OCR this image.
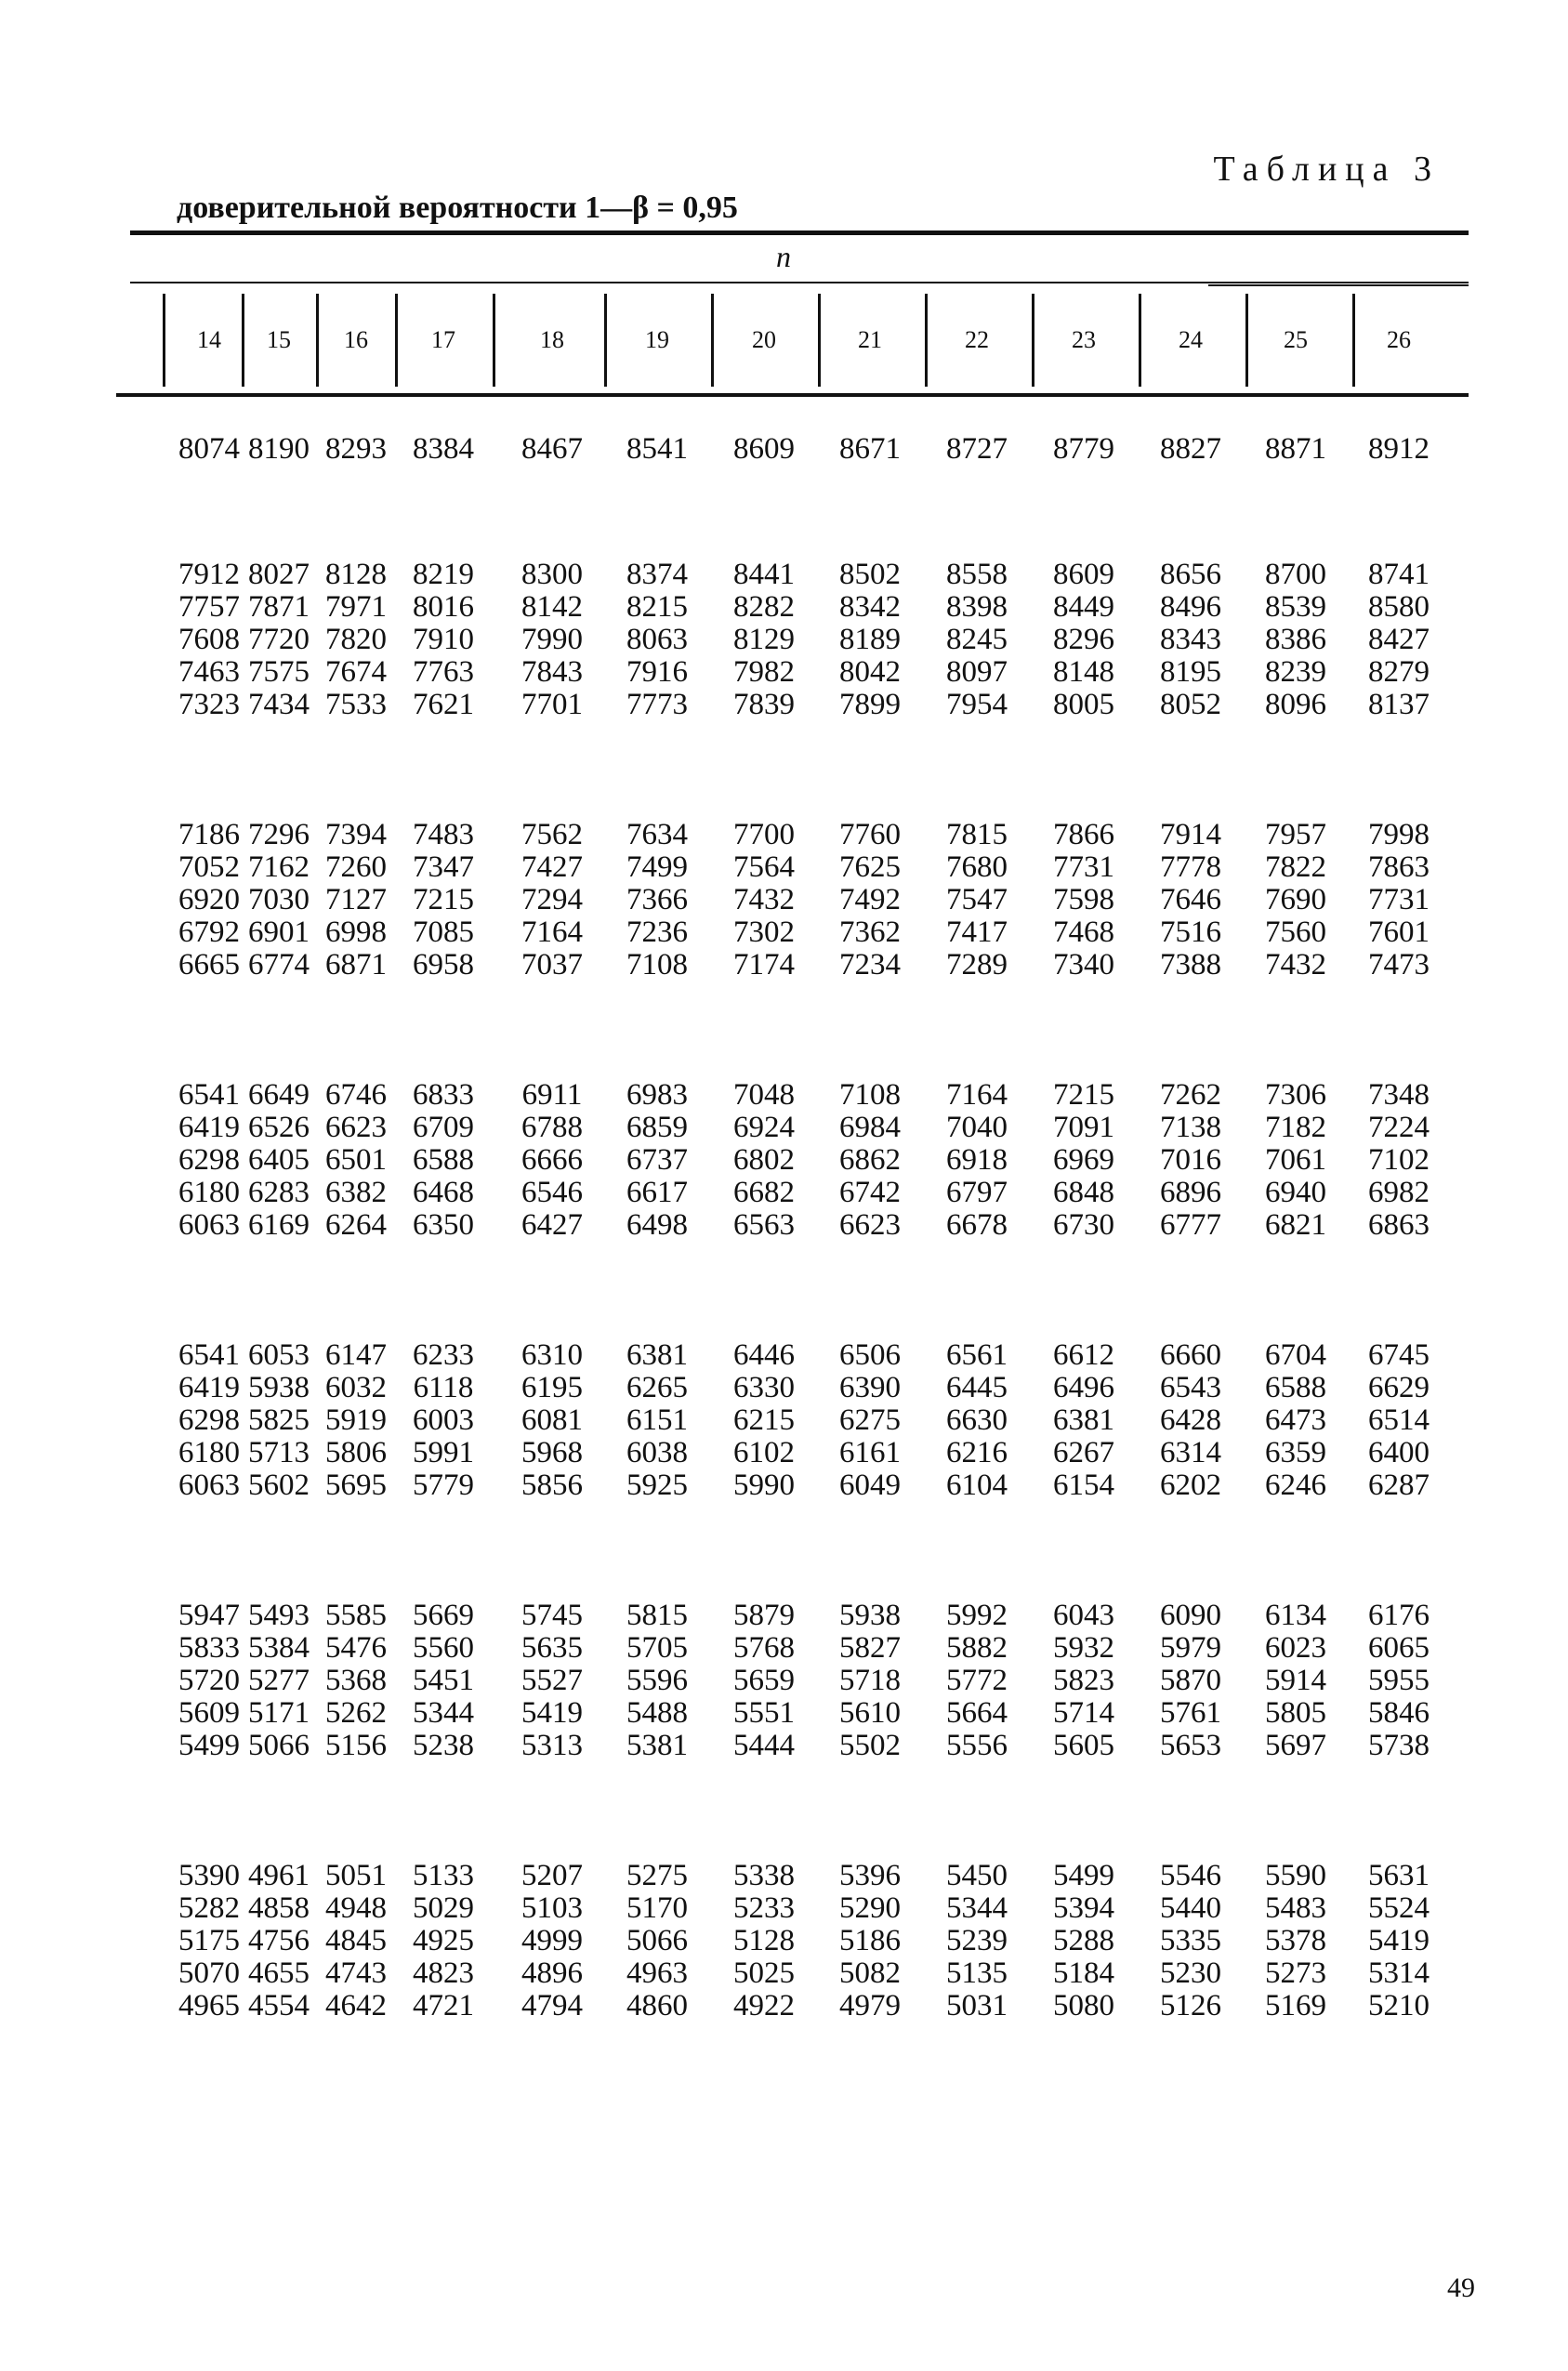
Таблица 3
доверительной вероятности 1—β = 0,95
n
8074 8190 8293 8384	8467	8541	8609	8671	8727	8779	8827	8871	8912
7912 8027 8128 8219	8300	8374	8441	8502	8558	8609	8656	8700	8741
7757 7871 7971 8016	8142	8215	8282	8342	8398	8449	8496	8539	8580
7608 7720 7820 7910	7990	8063	8129	8189	8245	8296	8343	8386	8427
7463 7575 7674 7763	7843	7916	7982	8042	8097	8148	8195	8239	8279
7323 7434 7533 7621	7701	7773	7839	7899	7954	8005	8052	8096	8137
7186 7296 7394 7483	7562	7634	7700	7760	7815	7866	7914	7957	7998
7052 7162 7260 7347	7427	7499	7564	7625	7680	7731	7778	7822	7863
6920 7030 7127 7215	7294	7366	7432	7492	7547	7598	7646	7690	7731
6792 6901 6998 7085	7164	7236	7302	7362	7417	7468	7516	7560	7601
6665 6774 6871 6958	7037	7108	7174	7234	7289	7340	7388	7432	7473
6541 6649 6746 6833	6911	6983	7048	7108	7164	7215	7262	7306	7348
6419 6526 6623 6709	6788	6859	6924	6984	7040	7091	7138	7182	7224
6298 6405 6501 6588	6666	6737	6802	6862	6918	6969	7016	7061	7102
6180 6283 6382 6468	6546	6617	6682	6742	6797	6848	6896	6940	6982
6063 6169 6264 6350	6427	6498	6563	6623	6678	6730	6777	6821	6863
6541 6053 6147 6233	6310	6381	6446	6506	6561	6612	6660	6704	6745
6419 5938 6032 6118	6195	6265	6330	6390	6445	6496	6543	6588	6629
6298 5825 5919 6003	6081	6151	6215	6275	6630	6381	6428	6473	6514
6180 5713 5806 5991	5968	6038	6102	6161	6216	6267	6314	6359	6400
6063 5602 5695 5779	5856	5925	5990	6049	6104	6154	6202	6246	6287
5947 5493 5585 5669	5745	5815	5879	5938	5992	6043	6090	6134	6176
5833 5384 5476 5560	5635	5705	5768	5827	5882	5932	5979	6023	6065
5720 5277 5368 5451	5527	5596	5659	5718	5772	5823	5870	5914	5955
5609 5171 5262 5344	5419	5488	5551	5610	5664	5714	5761	5805	5846
5499 5066 5156 5238	5313	5381	5444	5502	5556	5605	5653	5697	5738
5390 4961 5051 5133	5207	5275	5338	5396	5450	5499	5546	5590	5631
5282 4858 4948 5029	5103	5170	5233	5290	5344	5394	5440	5483	5524
5175 4756 4845 4925	4999	5066	5128	5186	5239	5288	5335	5378	5419
5070 4655 4743 4823	4896	4963	5025	5082	5135	5184	5230	5273	5314
4965 4554 4642 4721	4794	4860	4922	4979	5031	5080	5126	5169	5210
49
14	15	16	17	18	19	20	21	22	23	24	25	26
